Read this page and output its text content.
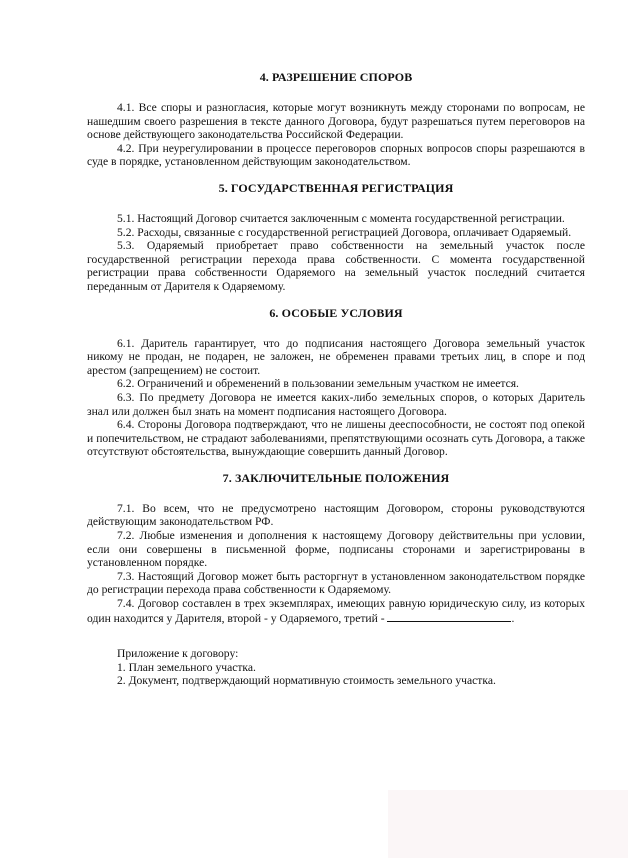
4. РАЗРЕШЕНИЕ СПОРОВ

4.1. Все споры и разногласия, которые могут возникнуть между сторонами по вопросам, не нашедшим своего разрешения в тексте данного Договора, будут разрешаться путем переговоров на основе действующего законодательства Российской Федерации.

4.2. При неурегулировании в процессе переговоров спорных вопросов споры разрешаются в суде в порядке, установленном действующим законодательством.

5. ГОСУДАРСТВЕННАЯ РЕГИСТРАЦИЯ

5.1. Настоящий Договор считается заключенным с момента государственной регистрации.

5.2. Расходы, связанные с государственной регистрацией Договора, оплачивает Одаряемый.

5.3. Одаряемый приобретает право собственности на земельный участок после государственной регистрации перехода права собственности. С момента государственной регистрации права собственности Одаряемого на земельный участок последний считается переданным от Дарителя к Одаряемому.

6. ОСОБЫЕ УСЛОВИЯ

6.1. Даритель гарантирует, что до подписания настоящего Договора земельный участок никому не продан, не подарен, не заложен, не обременен правами третьих лиц, в споре и под арестом (запрещением) не состоит.

6.2. Ограничений и обременений в пользовании земельным участком не имеется.

6.3. По предмету Договора не имеется каких-либо земельных споров, о которых Даритель знал или должен был знать на момент подписания настоящего Договора.

6.4. Стороны Договора подтверждают, что не лишены дееспособности, не состоят под опекой и попечительством, не страдают заболеваниями, препятствующими осознать суть Договора, а также отсутствуют обстоятельства, вынуждающие совершить данный Договор.

7. ЗАКЛЮЧИТЕЛЬНЫЕ ПОЛОЖЕНИЯ

7.1. Во всем, что не предусмотрено настоящим Договором, стороны руководствуются действующим законодательством РФ.

7.2. Любые изменения и дополнения к настоящему Договору действительны при условии, если они совершены в письменной форме, подписаны сторонами и зарегистрированы в установленном порядке.

7.3. Настоящий Договор может быть расторгнут в установленном законодательством порядке до регистрации перехода права собственности к Одаряемому.

7.4. Договор составлен в трех экземплярах, имеющих равную юридическую силу, из которых один находится у Дарителя, второй - у Одаряемого, третий -	.

Приложение к договору:
1. План земельного участка.
2. Документ, подтверждающий нормативную стоимость земельного участка.
